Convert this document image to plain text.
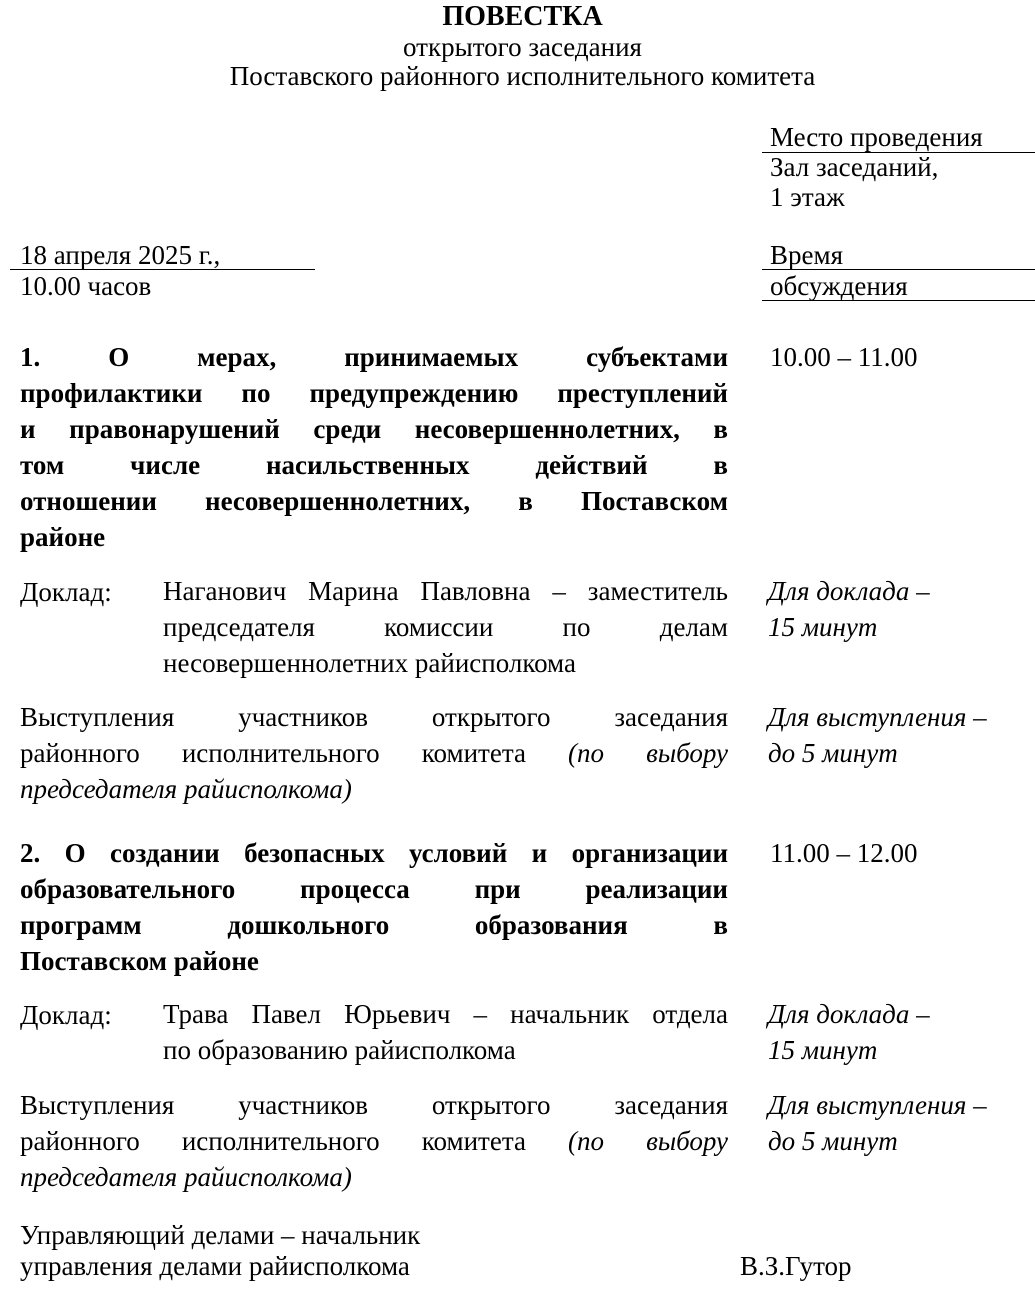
ПОВЕСТКА
открытого заседания
Поставского районного исполнительного комитета
Место проведения
Зал заседаний,
1 этаж
18 апреля 2025 г.,
10.00 часов
Время
обсуждения
1. О мерах, принимаемых субъектами
профилактики по предупреждению преступлений
и правонарушений среди несовершеннолетних, в
том числе насильственных действий в
отношении несовершеннолетних, в Поставском
районе
10.00 – 11.00
Доклад: Наганович Марина Павловна – заместитель
председателя комиссии по делам
несовершеннолетних райисполкома
Для доклада –
15 минут
Выступления участников открытого заседания
районного исполнительного комитета (по выбору
председателя райисполкома)
Для выступления –
до 5 минут
2. О создании безопасных условий и организации
образовательного процесса при реализации
программ дошкольного образования в
Поставском районе
11.00 – 12.00
Доклад: Трава Павел Юрьевич – начальник отдела
по образованию райисполкома
Для доклада –
15 минут
Выступления участников открытого заседания
районного исполнительного комитета (по выбору
председателя райисполкома)
Для выступления –
до 5 минут
Управляющий делами – начальник
управления делами райисполкома	В.З.Гутор
